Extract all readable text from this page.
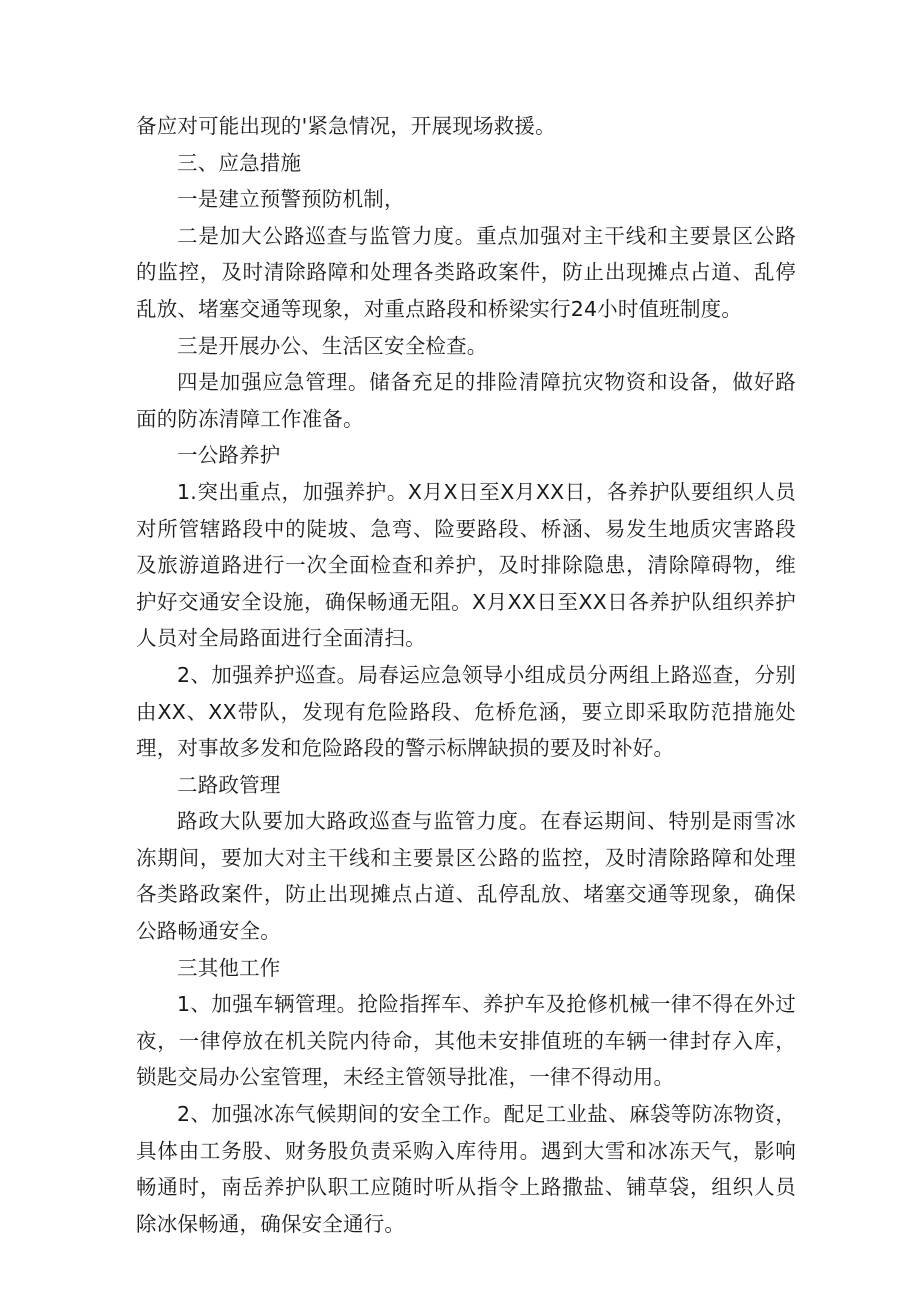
备应对可能出现的'紧急情况，开展现场救援。

三、应急措施

一是建立预警预防机制，

二是加大公路巡查与监管力度。重点加强对主干线和主要景区公路的监控，及时清除路障和处理各类路政案件，防止出现摊点占道、乱停乱放、堵塞交通等现象，对重点路段和桥梁实行24小时值班制度。

三是开展办公、生活区安全检查。

四是加强应急管理。储备充足的排险清障抗灾物资和设备，做好路面的防冻清障工作准备。

一公路养护

1.突出重点，加强养护。X月X日至X月XX日，各养护队要组织人员对所管辖路段中的陡坡、急弯、险要路段、桥涵、易发生地质灾害路段及旅游道路进行一次全面检查和养护，及时排除隐患，清除障碍物，维护好交通安全设施，确保畅通无阻。X月XX日至XX日各养护队组织养护人员对全局路面进行全面清扫。

2、加强养护巡查。局春运应急领导小组成员分两组上路巡查，分别由XX、XX带队，发现有危险路段、危桥危涵，要立即采取防范措施处理，对事故多发和危险路段的警示标牌缺损的要及时补好。

二路政管理

路政大队要加大路政巡查与监管力度。在春运期间、特别是雨雪冰冻期间，要加大对主干线和主要景区公路的监控，及时清除路障和处理各类路政案件，防止出现摊点占道、乱停乱放、堵塞交通等现象，确保公路畅通安全。

三其他工作

1、加强车辆管理。抢险指挥车、养护车及抢修机械一律不得在外过夜，一律停放在机关院内待命，其他未安排值班的车辆一律封存入库，锁匙交局办公室管理，未经主管领导批准，一律不得动用。

2、加强冰冻气候期间的安全工作。配足工业盐、麻袋等防冻物资，具体由工务股、财务股负责采购入库待用。遇到大雪和冰冻天气，影响畅通时，南岳养护队职工应随时听从指令上路撒盐、铺草袋，组织人员除冰保畅通，确保安全通行。
